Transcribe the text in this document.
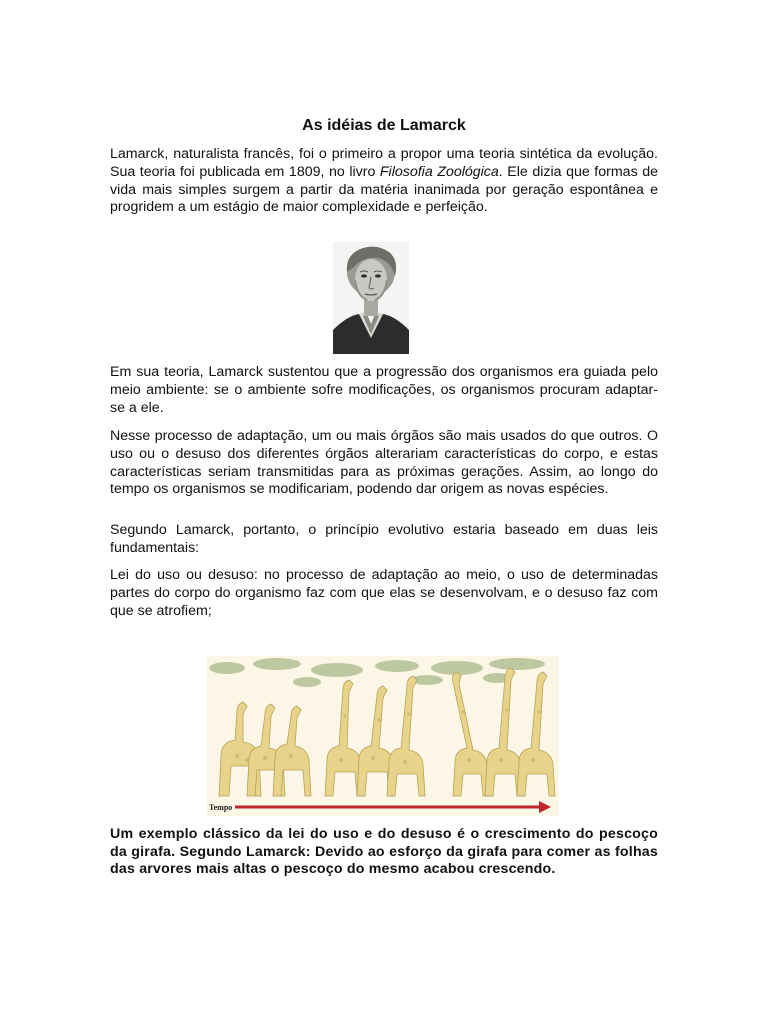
As idéias de Lamarck

Lamarck, naturalista francês, foi o primeiro a propor uma teoria sintética da evolução. Sua teoria foi publicada em 1809, no livro Filosofia Zoológica. Ele dizia que formas de vida mais simples surgem a partir da matéria inanimada por geração espontânea e progridem a um estágio de maior complexidade e perfeição.

Em sua teoria, Lamarck sustentou que a progressão dos organismos era guiada pelo meio ambiente: se o ambiente sofre modificações, os organismos procuram adaptar-se a ele.

Nesse processo de adaptação, um ou mais órgãos são mais usados do que outros. O uso ou o desuso dos diferentes órgãos alterariam características do corpo, e estas características seriam transmitidas para as próximas gerações. Assim, ao longo do tempo os organismos se modificariam, podendo dar origem as novas espécies.

Segundo Lamarck, portanto, o princípio evolutivo estaria baseado em duas leis fundamentais:

Lei do uso ou desuso: no processo de adaptação ao meio, o uso de determinadas partes do corpo do organismo faz com que elas se desenvolvam, e o desuso faz com que se atrofiem;

Tempo

Um exemplo clássico da lei do uso e do desuso é o crescimento do pescoço da girafa. Segundo Lamarck: Devido ao esforço da girafa para comer as folhas das arvores mais altas o pescoço do mesmo acabou crescendo.
